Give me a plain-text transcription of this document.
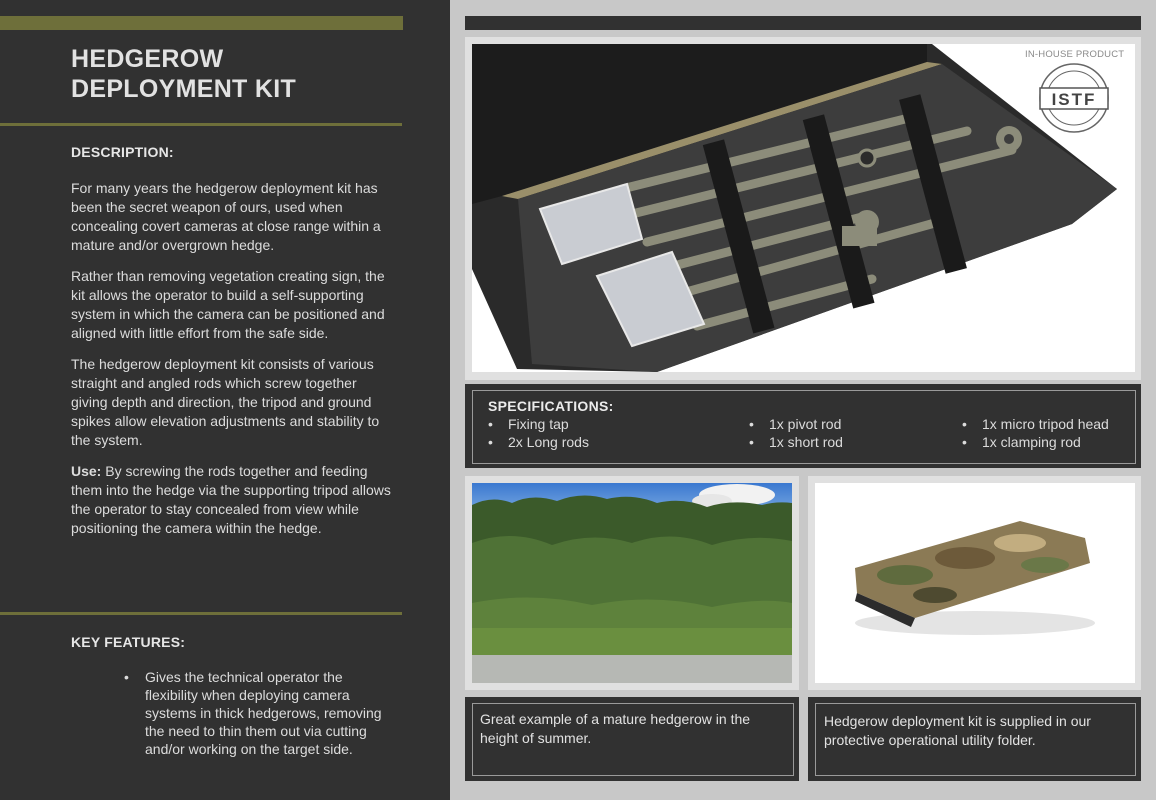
HEDGEROW
DEPLOYMENT KIT
DESCRIPTION:
For many years the hedgerow deployment kit has been the secret weapon of ours, used when concealing covert cameras at close range within a mature and/or overgrown hedge.
Rather than removing vegetation creating sign, the kit allows the operator to build a self-supporting system in which the camera can be positioned and aligned with little effort from the safe side.
The hedgerow deployment kit consists of various straight and angled rods which screw together giving depth and direction, the tripod and ground spikes allow elevation adjustments and stability to the system.
Use: By screwing the rods together and feeding them into the hedge via the supporting tripod allows the operator to stay concealed from view while positioning the camera within the hedge.
KEY FEATURES:
• Gives the technical operator the flexibility when deploying camera systems in thick hedgerows, removing the need to thin them out via cutting and/or working on the target side.
IN-HOUSE PRODUCT
ISTF
SPECIFICATIONS:
• Fixing tap
• 2x Long rods
• 1x pivot rod
• 1x short rod
• 1x micro tripod head
• 1x clamping rod
Great example of a mature hedgerow in the height of summer.
Hedgerow deployment kit is supplied in our protective operational utility folder.
